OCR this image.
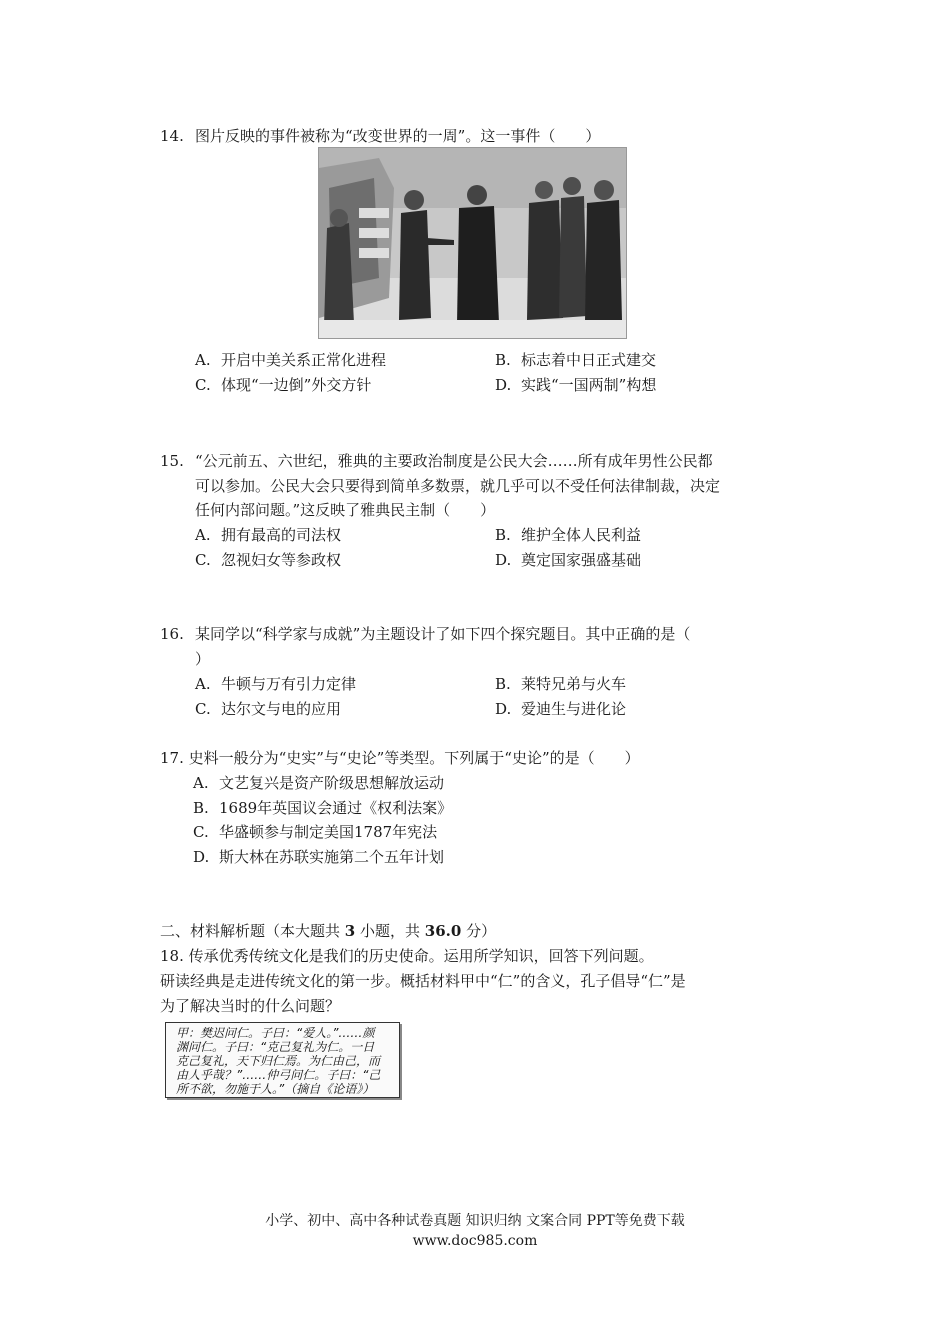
14. 图片反映的事件被称为“改变世界的一周”。这一事件（　　）
A. 开启中美关系正常化进程	B. 标志着中日正式建交
C. 体现“一边倒”外交方针	D. 实践“一国两制”构想
15. “公元前五、六世纪，雅典的主要政治制度是公民大会……所有成年男性公民都
可以参加。公民大会只要得到简单多数票，就几乎可以不受任何法律制裁，决定
任何内部问题。”这反映了雅典民主制（　　）
A. 拥有最高的司法权	B. 维护全体人民利益
C. 忽视妇女等参政权	D. 奠定国家强盛基础
16. 某同学以“科学家与成就”为主题设计了如下四个探究题目。其中正确的是（
）
A. 牛顿与万有引力定律	B. 莱特兄弟与火车
C. 达尔文与电的应用	D. 爱迪生与进化论
17. 史料一般分为“史实”与“史论”等类型。下列属于“史论”的是（　　）
A. 文艺复兴是资产阶级思想解放运动
B. 1689年英国议会通过《权利法案》
C. 华盛顿参与制定美国1787年宪法
D. 斯大林在苏联实施第二个五年计划
二、材料解析题（本大题共 3 小题，共 36.0 分）
18. 传承优秀传统文化是我们的历史使命。运用所学知识，回答下列问题。
研读经典是走进传统文化的第一步。概括材料甲中“仁”的含义，孔子倡导“仁”是
为了解决当时的什么问题？
甲：樊迟问仁。子曰：“爱人。”……颜
渊问仁。子曰：“克己复礼为仁。一日
克己复礼，天下归仁焉。为仁由己，而
由人乎哉？”……仲弓问仁。子曰：“己
所不欲，勿施于人。”（摘自《论语》）
小学、初中、高中各种试卷真题 知识归纳 文案合同 PPT等免费下载
www.doc985.com
